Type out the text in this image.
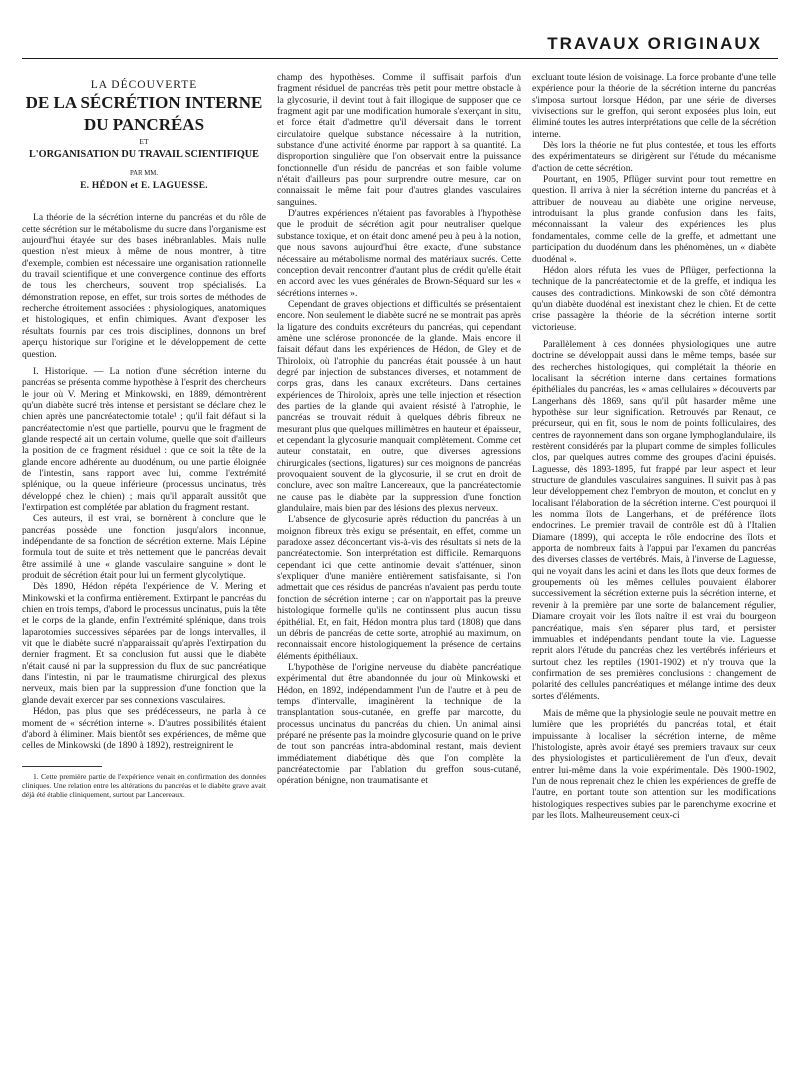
TRAVAUX ORIGINAUX
LA DÉCOUVERTE
DE LA SÉCRÉTION INTERNE
DU PANCRÉAS
ET
L'ORGANISATION DU TRAVAIL SCIENTIFIQUE
PAR MM.
E. HÉDON et E. LAGUESSE.

La théorie de la sécrétion interne du pancréas et du rôle de cette sécrétion sur le métabolisme du sucre dans l'organisme est aujourd'hui étayée sur des bases inébranlables. Mais nulle question n'est mieux à même de nous montrer, à titre d'exemple, combien est nécessaire une organisation rationnelle du travail scientifique et une convergence continue des efforts de tous les chercheurs, souvent trop spécialisés. La démonstration repose, en effet, sur trois sortes de méthodes de recherche étroitement associées : physiologiques, anatomiques et histologiques, et enfin chimiques. Avant d'exposer les résultats fournis par ces trois disciplines, donnons un bref aperçu historique sur l'origine et le développement de cette question.

I. Historique. — La notion d'une sécrétion interne du pancréas se présenta comme hypothèse à l'esprit des chercheurs le jour où V. Mering et Minkowski, en 1889, démontrèrent qu'un diabète sucré très intense et persistant se déclare chez le chien après une pancréatectomie totale¹ ; qu'il fait défaut si la pancréatectomie n'est que partielle, pourvu que le fragment de glande respecté ait un certain volume, quelle que soit d'ailleurs la position de ce fragment résiduel : que ce soit la tête de la glande encore adhérente au duodénum, ou une partie éloignée de l'intestin, sans rapport avec lui, comme l'extrémité splénique, ou la queue inférieure (processus uncinatus, très développé chez le chien) ; mais qu'il apparaît aussitôt que l'extirpation est complétée par ablation du fragment restant.

Ces auteurs, il est vrai, se bornèrent à conclure que le pancréas possède une fonction jusqu'alors inconnue, indépendante de sa fonction de sécrétion externe. Mais Lépine formula tout de suite et très nettement que le pancréas devait être assimilé à une « glande vasculaire sanguine » dont le produit de sécrétion était pour lui un ferment glycolytique.

Dès 1890, Hédon répéta l'expérience de V. Mering et Minkowski et la confirma entièrement. Extirpant le pancréas du chien en trois temps, d'abord le processus uncinatus, puis la tête et le corps de la glande, enfin l'extrémité splénique, dans trois laparotomies successives séparées par de longs intervalles, il vit que le diabète sucré n'apparaissait qu'après l'extirpation du dernier fragment. Et sa conclusion fut aussi que le diabète n'était causé ni par la suppression du flux de suc pancréatique dans l'intestin, ni par le traumatisme chirurgical des plexus nerveux, mais bien par la suppression d'une fonction que la glande devait exercer par ses connexions vasculaires.

Hédon, pas plus que ses prédécesseurs, ne parla à ce moment de « sécrétion interne ». D'autres possibilités étaient d'abord à éliminer. Mais bientôt ses expériences, de même que celles de Minkowski (de 1890 à 1892), restreignirent le

1. Cette première partie de l'expérience venait en confirmation des données cliniques. Une relation entre les altérations du pancréas et le diabète grave avait déjà été établie cliniquement, surtout par Lancereaux.

champ des hypothèses. Comme il suffisait parfois d'un fragment résiduel de pancréas très petit pour mettre obstacle à la glycosurie, il devint tout à fait illogique de supposer que ce fragment agit par une modification humorale s'exerçant in situ, et force était d'admettre qu'il déversait dans le torrent circulatoire quelque substance nécessaire à la nutrition, substance d'une activité énorme par rapport à sa quantité. La disproportion singulière que l'on observait entre la puissance fonctionnelle d'un résidu de pancréas et son faible volume n'était d'ailleurs pas pour surprendre outre mesure, car on connaissait le même fait pour d'autres glandes vasculaires sanguines.

D'autres expériences n'étaient pas favorables à l'hypothèse que le produit de sécrétion agit pour neutraliser quelque substance toxique, et on était donc amené peu à peu à la notion, que nous savons aujourd'hui être exacte, d'une substance nécessaire au métabolisme normal des matériaux sucrés. Cette conception devait rencontrer d'autant plus de crédit qu'elle était en accord avec les vues générales de Brown-Séquard sur les « sécrétions internes ».

Cependant de graves objections et difficultés se présentaient encore. Non seulement le diabète sucré ne se montrait pas après la ligature des conduits excréteurs du pancréas, qui cependant amène une sclérose prononcée de la glande. Mais encore il faisait défaut dans les expériences de Hédon, de Gley et de Thiroloix, où l'atrophie du pancréas était poussée à un haut degré par injection de substances diverses, et notamment de corps gras, dans les canaux excréteurs. Dans certaines expériences de Thiroloix, après une telle injection et résection des parties de la glande qui avaient résisté à l'atrophie, le pancréas se trouvait réduit à quelques débris fibreux ne mesurant plus que quelques millimètres en hauteur et épaisseur, et cependant la glycosurie manquait complètement. Comme cet auteur constatait, en outre, que diverses agressions chirurgicales (sections, ligatures) sur ces moignons de pancréas provoquaient souvent de la glycosurie, il se crut en droit de conclure, avec son maître Lancereaux, que la pancréatectomie ne cause pas le diabète par la suppression d'une fonction glandulaire, mais bien par des lésions des plexus nerveux.

L'absence de glycosurie après réduction du pancréas à un moignon fibreux très exigu se présentait, en effet, comme un paradoxe assez déconcertant vis-à-vis des résultats si nets de la pancréatectomie. Son interprétation est difficile. Remarquons cependant ici que cette antinomie devait s'atténuer, sinon s'expliquer d'une manière entièrement satisfaisante, si l'on admettait que ces résidus de pancréas n'avaient pas perdu toute fonction de sécrétion interne ; car on n'apportait pas la preuve histologique formelle qu'ils ne continssent plus aucun tissu épithélial. Et, en fait, Hédon montra plus tard (1808) que dans un débris de pancréas de cette sorte, atrophié au maximum, on reconnaissait encore histologiquement la présence de certains éléments épithéliaux.

L'hypothèse de l'origine nerveuse du diabète pancréatique expérimental dut être abandonnée du jour où Minkowski et Hédon, en 1892, indépendamment l'un de l'autre et à peu de temps d'intervalle, imaginèrent la technique de la transplantation sous-cutanée, en greffe par marcotte, du processus uncinatus du pancréas du chien. Un animal ainsi préparé ne présente pas la moindre glycosurie quand on le prive de tout son pancréas intra-abdominal restant, mais devient immédiatement diabétique dès que l'on complète la pancréatectomie par l'ablation du greffon sous-cutané, opération bénigne, non traumatisante et

excluant toute lésion de voisinage. La force probante d'une telle expérience pour la théorie de la sécrétion interne du pancréas s'imposa surtout lorsque Hédon, par une série de diverses vivisections sur le greffon, qui seront exposées plus loin, eut éliminé toutes les autres interprétations que celle de la sécrétion interne.

Dès lors la théorie ne fut plus contestée, et tous les efforts des expérimentateurs se dirigèrent sur l'étude du mécanisme d'action de cette sécrétion.

Pourtant, en 1905, Pflüger survint pour tout remettre en question. Il arriva à nier la sécrétion interne du pancréas et à attribuer de nouveau au diabète une origine nerveuse, introduisant la plus grande confusion dans les faits, méconnaissant la valeur des expériences les plus fondamentales, comme celle de la greffe, et admettant une participation du duodénum dans les phénomènes, un « diabète duodénal ».

Hédon alors réfuta les vues de Pflüger, perfectionna la technique de la pancréatectomie et de la greffe, et indiqua les causes des contradictions. Minkowski de son côté démontra qu'un diabète duodénal est inexistant chez le chien. Et de cette crise passagère la théorie de la sécrétion interne sortit victorieuse.

Parallèlement à ces données physiologiques une autre doctrine se développait aussi dans le même temps, basée sur des recherches histologiques, qui complétait la théorie en localisant la sécrétion interne dans certaines formations épithéliales du pancréas, les « amas cellulaires » découverts par Langerhans dès 1869, sans qu'il pût hasarder même une hypothèse sur leur signification. Retrouvés par Renaut, ce précurseur, qui en fit, sous le nom de points folliculaires, des centres de rayonnement dans son organe lymphoglandulaire, ils restèrent considérés par la plupart comme de simples follicules clos, par quelques autres comme des groupes d'acini épuisés. Laguesse, dès 1893-1895, fut frappé par leur aspect et leur structure de glandules vasculaires sanguines. Il suivit pas à pas leur développement chez l'embryon de mouton, et conclut en y localisant l'élaboration de la sécrétion interne. C'est pourquoi il les nomma îlots de Langerhans, et de préférence îlots endocrines. Le premier travail de contrôle est dû à l'Italien Diamare (1899), qui accepta le rôle endocrine des îlots et apporta de nombreux faits à l'appui par l'examen du pancréas des diverses classes de vertébrés. Mais, à l'inverse de Laguesse, qui ne voyait dans les acini et dans les îlots que deux formes de groupements où les mêmes cellules pouvaient élaborer successivement la sécrétion externe puis la sécrétion interne, et revenir à la première par une sorte de balancement régulier, Diamare croyait voir les îlots naître il est vrai du bourgeon pancréatique, mais s'en séparer plus tard, et persister immuables et indépendants pendant toute la vie. Laguesse reprit alors l'étude du pancréas chez les vertébrés inférieurs et surtout chez les reptiles (1901-1902) et n'y trouva que la confirmation de ses premières conclusions : changement de polarité des cellules pancréatiques et mélange intime des deux sortes d'éléments.

Mais de même que la physiologie seule ne pouvait mettre en lumière que les propriétés du pancréas total, et était impuissante à localiser la sécrétion interne, de même l'histologiste, après avoir étayé ses premiers travaux sur ceux des physiologistes et particulièrement de l'un d'eux, devait entrer lui-même dans la voie expérimentale. Dès 1900-1902, l'un de nous reprenait chez le chien les expériences de greffe de l'autre, en portant toute son attention sur les modifications histologiques respectives subies par le parenchyme exocrine et par les îlots. Malheureusement ceux-ci
